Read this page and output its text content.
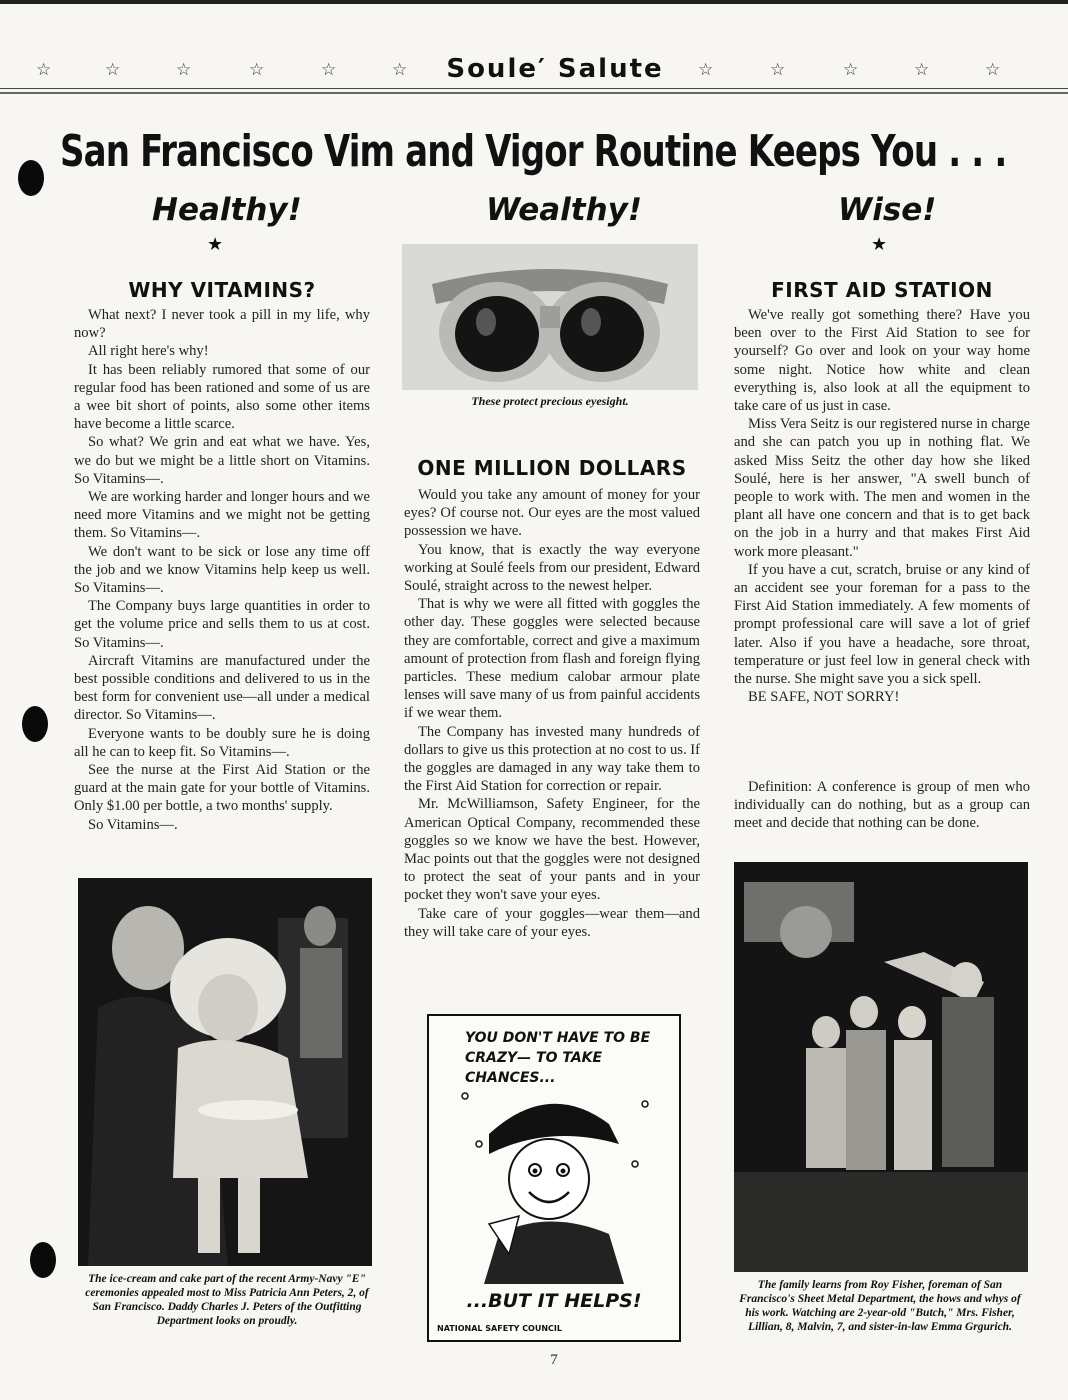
☆	☆	☆	☆	☆	☆	☆	☆	☆	☆	☆
Soule′ Salute
San Francisco Vim and Vigor Routine Keeps You . . .
Healthy!	Wealthy!	Wise!
★	★
WHY VITAMINS?

What next? I never took a pill in my life, why now?

All right here's why!

It has been reliably rumored that some of our regular food has been rationed and some of us are a wee bit short of points, also some other items have become a little scarce.

So what? We grin and eat what we have. Yes, we do but we might be a little short on Vitamins. So Vitamins—.

We are working harder and longer hours and we need more Vitamins and we might not be getting them. So Vitamins—.

We don't want to be sick or lose any time off the job and we know Vitamins help keep us well. So Vitamins—.

The Company buys large quantities in order to get the volume price and sells them to us at cost. So Vitamins—.

Aircraft Vitamins are manufactured under the best possible conditions and delivered to us in the best form for convenient use—all under a medical director. So Vitamins—.

Everyone wants to be doubly sure he is doing all he can to keep fit. So Vitamins—.

See the nurse at the First Aid Station or the guard at the main gate for your bottle of Vitamins. Only $1.00 per bottle, a two months' supply.

So Vitamins—.

The ice-cream and cake part of the recent Army-Navy "E" ceremonies appealed most to Miss Patricia Ann Peters, 2, of San Francisco. Daddy Charles J. Peters of the Outfitting Department looks on proudly.
These protect precious eyesight.
ONE MILLION DOLLARS

Would you take any amount of money for your eyes? Of course not. Our eyes are the most valued possession we have.

You know, that is exactly the way everyone working at Soulé feels from our president, Edward Soulé, straight across to the newest helper.

That is why we were all fitted with goggles the other day. These goggles were selected because they are comfortable, correct and give a maximum amount of protection from flash and foreign flying particles. These medium calobar armour plate lenses will save many of us from painful accidents if we wear them.

The Company has invested many hundreds of dollars to give us this protection at no cost to us. If the goggles are damaged in any way take them to the First Aid Station for correction or repair.

Mr. McWilliamson, Safety Engineer, for the American Optical Company, recommended these goggles so we know we have the best. However, Mac points out that the goggles were not designed to protect the seat of your pants and in your pocket they won't save your eyes.

Take care of your goggles—wear them—and they will take care of your eyes.

YOU DON'T HAVE TO BE CRAZY— TO TAKE CHANCES...
...BUT IT HELPS!
NATIONAL SAFETY COUNCIL
FIRST AID STATION

We've really got something there? Have you been over to the First Aid Station to see for yourself? Go over and look on your way home some night. Notice how white and clean everything is, also look at all the equipment to take care of us just in case.

Miss Vera Seitz is our registered nurse in charge and she can patch you up in nothing flat. We asked Miss Seitz the other day how she liked Soulé, here is her answer, "A swell bunch of people to work with. The men and women in the plant all have one concern and that is to get back on the job in a hurry and that makes First Aid work more pleasant."

If you have a cut, scratch, bruise or any kind of an accident see your foreman for a pass to the First Aid Station immediately. A few moments of prompt professional care will save a lot of grief later. Also if you have a headache, sore throat, temperature or just feel low in general check with the nurse. She might save you a sick spell.

BE SAFE, NOT SORRY!

Definition: A conference is group of men who individually can do nothing, but as a group can meet and decide that nothing can be done.

The family learns from Roy Fisher, foreman of San Francisco's Sheet Metal Department, the hows and whys of his work. Watching are 2-year-old "Butch," Mrs. Fisher, Lillian, 8, Malvin, 7, and sister-in-law Emma Grgurich.
7
